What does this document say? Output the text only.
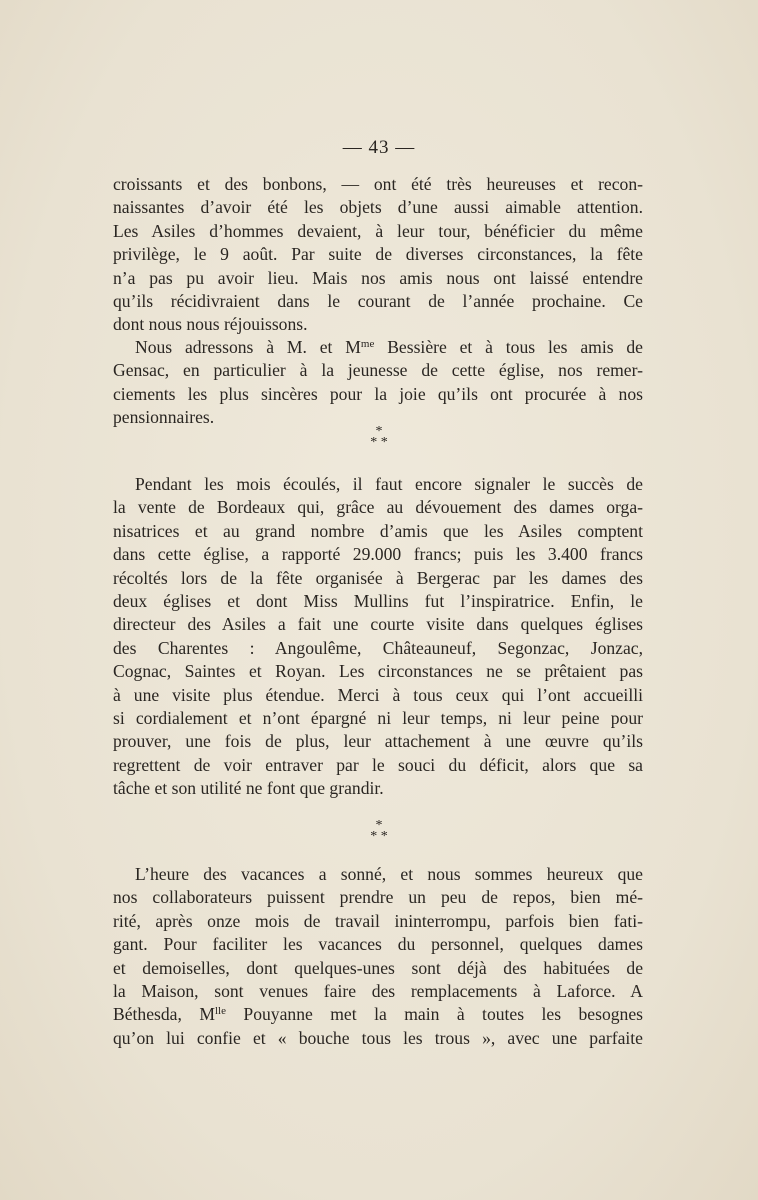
— 43 —
croissants et des bonbons, — ont été très heureuses et recon-
naissantes d’avoir été les objets d’une aussi aimable attention.
Les Asiles d’hommes devaient, à leur tour, bénéficier du même
privilège, le 9 août. Par suite de diverses circonstances, la fête
n’a pas pu avoir lieu. Mais nos amis nous ont laissé entendre
qu’ils récidivraient dans le courant de l’année prochaine. Ce
dont nous nous réjouissons.
Nous adressons à M. et $M^{me}$ Bessière et à tous les amis de
Gensac, en particulier à la jeunesse de cette église, nos remer-
ciements les plus sincères pour la joie qu’ils ont procurée à nos
pensionnaires.
*
* *
Pendant les mois écoulés, il faut encore signaler le succès de
la vente de Bordeaux qui, grâce au dévouement des dames orga-
nisatrices et au grand nombre d’amis que les Asiles comptent
dans cette église, a rapporté 29.000 francs; puis les 3.400 francs
récoltés lors de la fête organisée à Bergerac par les dames des
deux églises et dont Miss Mullins fut l’inspiratrice. Enfin, le
directeur des Asiles a fait une courte visite dans quelques églises
des Charentes : Angoulême, Châteauneuf, Segonzac, Jonzac,
Cognac, Saintes et Royan. Les circonstances ne se prêtaient pas
à une visite plus étendue. Merci à tous ceux qui l’ont accueilli
si cordialement et n’ont épargné ni leur temps, ni leur peine pour
prouver, une fois de plus, leur attachement à une œuvre qu’ils
regrettent de voir entraver par le souci du déficit, alors que sa
tâche et son utilité ne font que grandir.
*
* *
L’heure des vacances a sonné, et nous sommes heureux que
nos collaborateurs puissent prendre un peu de repos, bien mé-
rité, après onze mois de travail ininterrompu, parfois bien fati-
gant. Pour faciliter les vacances du personnel, quelques dames
et demoiselles, dont quelques-unes sont déjà des habituées de
la Maison, sont venues faire des remplacements à Laforce. A
Béthesda, $M^{lle}$ Pouyanne met la main à toutes les besognes
qu’on lui confie et « bouche tous les trous », avec une parfaite
